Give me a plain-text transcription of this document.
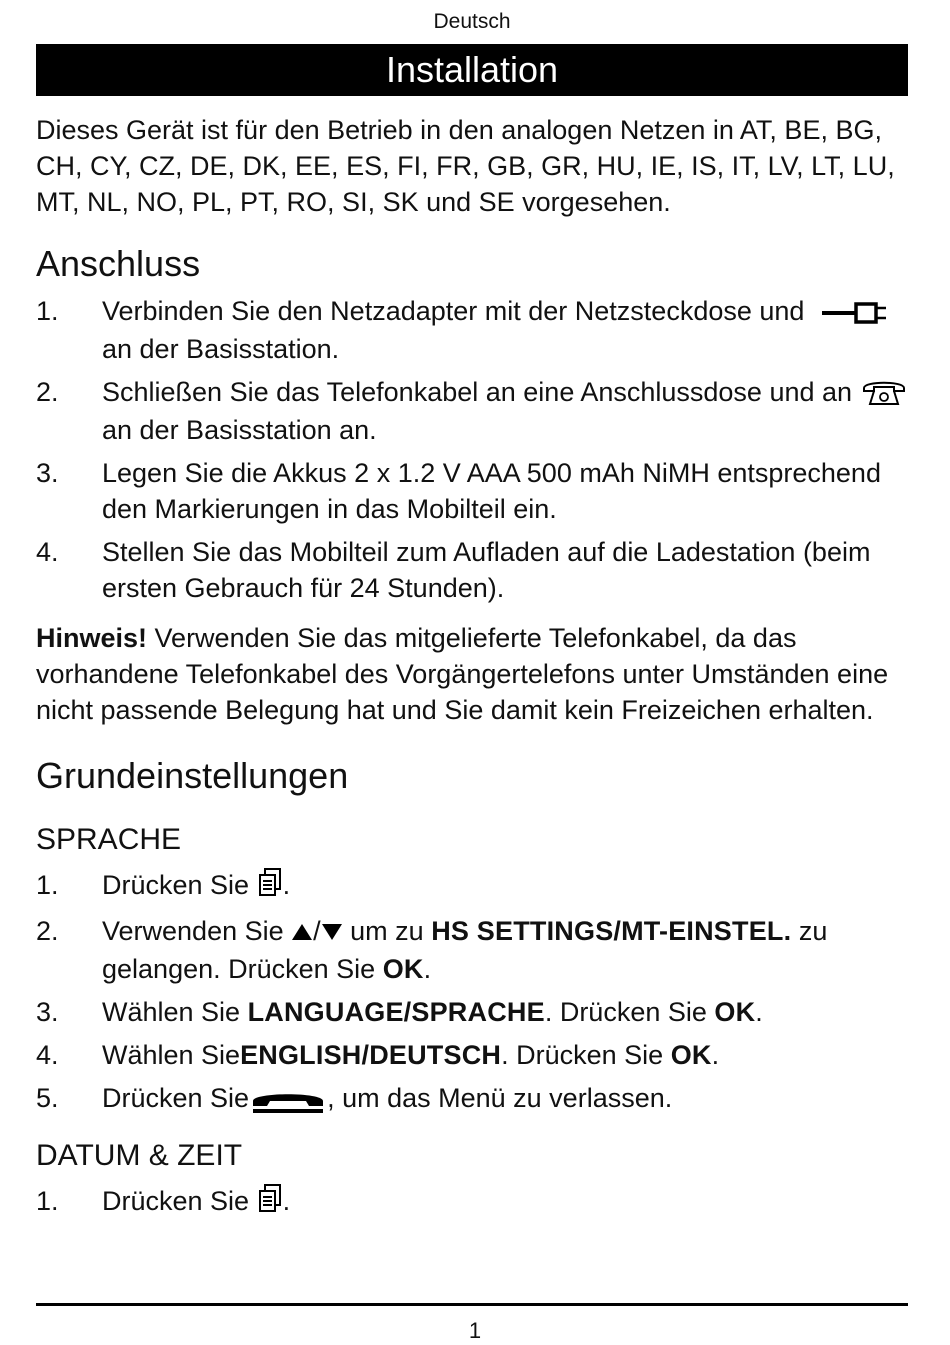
Deutsch
Installation

Dieses Gerät ist für den Betrieb in den analogen Netzen in AT, BE, BG, CH, CY, CZ, DE, DK, EE, ES, FI, FR, GB, GR, HU, IE, IS, IT, LV, LT, LU, MT, NL, NO, PL, PT, RO, SI, SK und SE vorgesehen.

Anschluss
1. Verbinden Sie den Netzadapter mit der Netzsteckdose und  an der Basisstation.
2. Schließen Sie das Telefonkabel an eine Anschlussdose und an an der Basisstation an.
3. Legen Sie die Akkus 2 x 1.2 V AAA 500 mAh NiMH entsprechend den Markierungen in das Mobilteil ein.
4. Stellen Sie das Mobilteil zum Aufladen auf die Ladestation (beim ersten Gebrauch für 24 Stunden).

Hinweis! Verwenden Sie das mitgelieferte Telefonkabel, da das vorhandene Telefonkabel des Vorgängertelefons unter Umständen eine nicht passende Belegung hat und Sie damit kein Freizeichen erhalten.

Grundeinstellungen
SPRACHE
1. Drücken Sie .
2. Verwenden Sie / um zu HS SETTINGS/MT-EINSTEL. zu gelangen. Drücken Sie OK.
3. Wählen Sie LANGUAGE/SPRACHE. Drücken Sie OK.
4. Wählen SieENGLISH/DEUTSCH. Drücken Sie OK.
5. Drücken Sie	, um das Menü zu verlassen.
DATUM & ZEIT
1. Drücken Sie .
1
